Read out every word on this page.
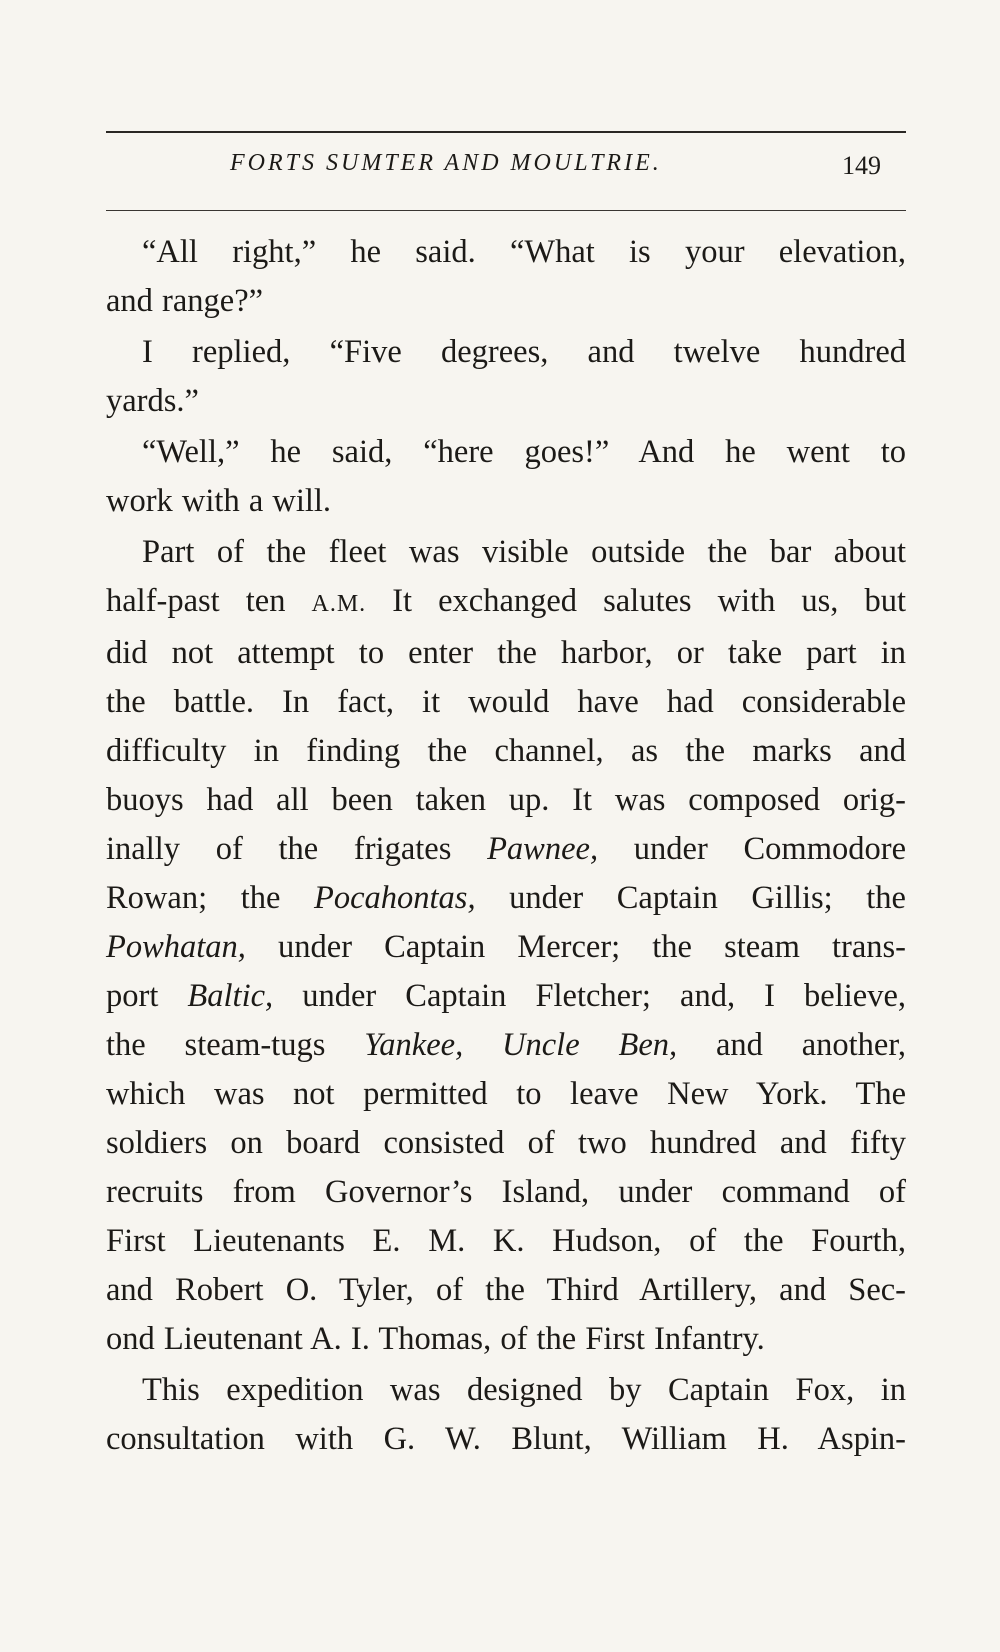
FORTS SUMTER AND MOULTRIE.	149
“All right,” he said. “What is your elevation,
and range?”
I replied, “Five degrees, and twelve hundred
yards.”
“Well,” he said, “here goes!” And he went to
work with a will.
Part of the fleet was visible outside the bar about
half-past ten A.M. It exchanged salutes with us, but
did not attempt to enter the harbor, or take part in
the battle. In fact, it would have had considerable
difficulty in finding the channel, as the marks and
buoys had all been taken up. It was composed orig-
inally of the frigates Pawnee, under Commodore
Rowan; the Pocahontas, under Captain Gillis; the
Powhatan, under Captain Mercer; the steam trans-
port Baltic, under Captain Fletcher; and, I believe,
the steam-tugs Yankee, Uncle Ben, and another,
which was not permitted to leave New York. The
soldiers on board consisted of two hundred and fifty
recruits from Governor’s Island, under command of
First Lieutenants E. M. K. Hudson, of the Fourth,
and Robert O. Tyler, of the Third Artillery, and Sec-
ond Lieutenant A. I. Thomas, of the First Infantry.
This expedition was designed by Captain Fox, in
consultation with G. W. Blunt, William H. Aspin-
